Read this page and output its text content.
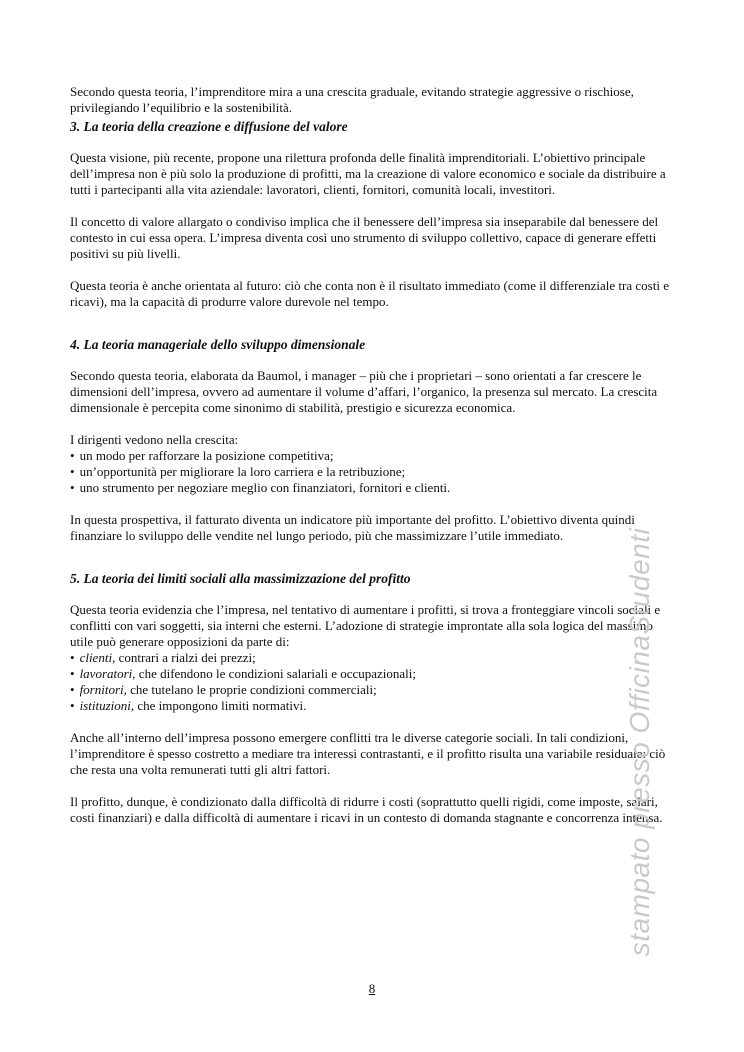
Secondo questa teoria, l’imprenditore mira a una crescita graduale, evitando strategie aggressive o rischiose, privilegiando l’equilibrio e la sostenibilità.
3. La teoria della creazione e diffusione del valore
Questa visione, più recente, propone una rilettura profonda delle finalità imprenditoriali. L’obiettivo principale dell’impresa non è più solo la produzione di profitti, ma la creazione di valore economico e sociale da distribuire a tutti i partecipanti alla vita aziendale: lavoratori, clienti, fornitori, comunità locali, investitori.
Il concetto di valore allargato o condiviso implica che il benessere dell’impresa sia inseparabile dal benessere del contesto in cui essa opera. L’impresa diventa così uno strumento di sviluppo collettivo, capace di generare effetti positivi su più livelli.
Questa teoria è anche orientata al futuro: ciò che conta non è il risultato immediato (come il differenziale tra costi e ricavi), ma la capacità di produrre valore durevole nel tempo.
4. La teoria manageriale dello sviluppo dimensionale
Secondo questa teoria, elaborata da Baumol, i manager – più che i proprietari – sono orientati a far crescere le dimensioni dell’impresa, ovvero ad aumentare il volume d’affari, l’organico, la presenza sul mercato. La crescita dimensionale è percepita come sinonimo di stabilità, prestigio e sicurezza economica.
I dirigenti vedono nella crescita:
• un modo per rafforzare la posizione competitiva;
• un’opportunità per migliorare la loro carriera e la retribuzione;
• uno strumento per negoziare meglio con finanziatori, fornitori e clienti.
In questa prospettiva, il fatturato diventa un indicatore più importante del profitto. L’obiettivo diventa quindi finanziare lo sviluppo delle vendite nel lungo periodo, più che massimizzare l’utile immediato.
5. La teoria dei limiti sociali alla massimizzazione del profitto
Questa teoria evidenzia che l’impresa, nel tentativo di aumentare i profitti, si trova a fronteggiare vincoli sociali e conflitti con vari soggetti, sia interni che esterni. L’adozione di strategie improntate alla sola logica del massimo utile può generare opposizioni da parte di:
• clienti, contrari a rialzi dei prezzi;
• lavoratori, che difendono le condizioni salariali e occupazionali;
• fornitori, che tutelano le proprie condizioni commerciali;
• istituzioni, che impongono limiti normativi.
Anche all’interno dell’impresa possono emergere conflitti tra le diverse categorie sociali. In tali condizioni, l’imprenditore è spesso costretto a mediare tra interessi contrastanti, e il profitto risulta una variabile residuale: ciò che resta una volta remunerati tutti gli altri fattori.
Il profitto, dunque, è condizionato dalla difficoltà di ridurre i costi (soprattutto quelli rigidi, come imposte, salari, costi finanziari) e dalla difficoltà di aumentare i ricavi in un contesto di domanda stagnante e concorrenza intensa.
stampato presso OfficinaStudenti
8
